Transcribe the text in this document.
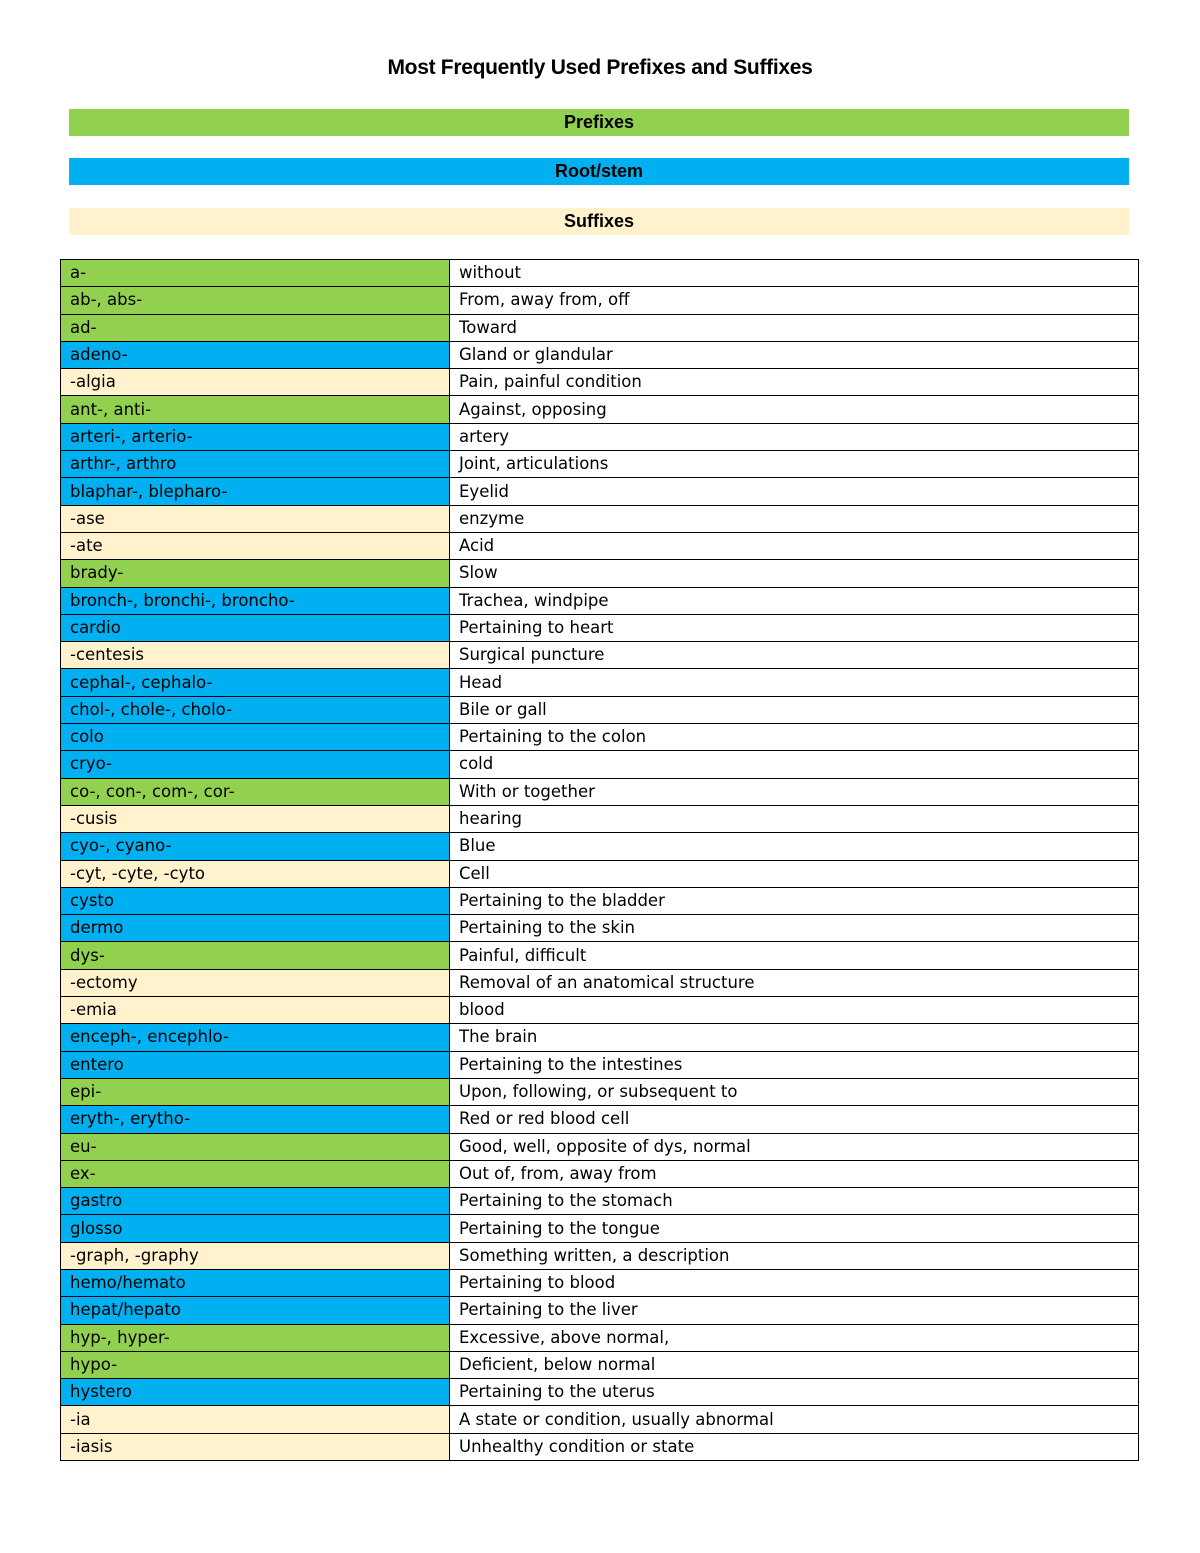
Most Frequently Used Prefixes and Suffixes
Prefixes
Root/stem
Suffixes
a-	without
ab-, abs-	From, away from, off
ad-	Toward
adeno-	Gland or glandular
-algia	Pain, painful condition
ant-, anti-	Against, opposing
arteri-, arterio-	artery
arthr-, arthro	Joint, articulations
blaphar-, blepharo-	Eyelid
-ase	enzyme
-ate	Acid
brady-	Slow
bronch-, bronchi-, broncho-	Trachea, windpipe
cardio	Pertaining to heart
-centesis	Surgical puncture
cephal-, cephalo-	Head
chol-, chole-, cholo-	Bile or gall
colo	Pertaining to the colon
cryo-	cold
co-, con-, com-, cor-	With or together
-cusis	hearing
cyo-, cyano-	Blue
-cyt, -cyte, -cyto	Cell
cysto	Pertaining to the bladder
dermo	Pertaining to the skin
dys-	Painful, difficult
-ectomy	Removal of an anatomical structure
-emia	blood
enceph-, encephlo-	The brain
entero	Pertaining to the intestines
epi-	Upon, following, or subsequent to
eryth-, erytho-	Red or red blood cell
eu-	Good, well, opposite of dys, normal
ex-	Out of, from, away from
gastro	Pertaining to the stomach
glosso	Pertaining to the tongue
-graph, -graphy	Something written, a description
hemo/hemato	Pertaining to blood
hepat/hepato	Pertaining to the liver
hyp-, hyper-	Excessive, above normal,
hypo-	Deficient, below normal
hystero	Pertaining to the uterus
-ia	A state or condition, usually abnormal
-iasis	Unhealthy condition or state
